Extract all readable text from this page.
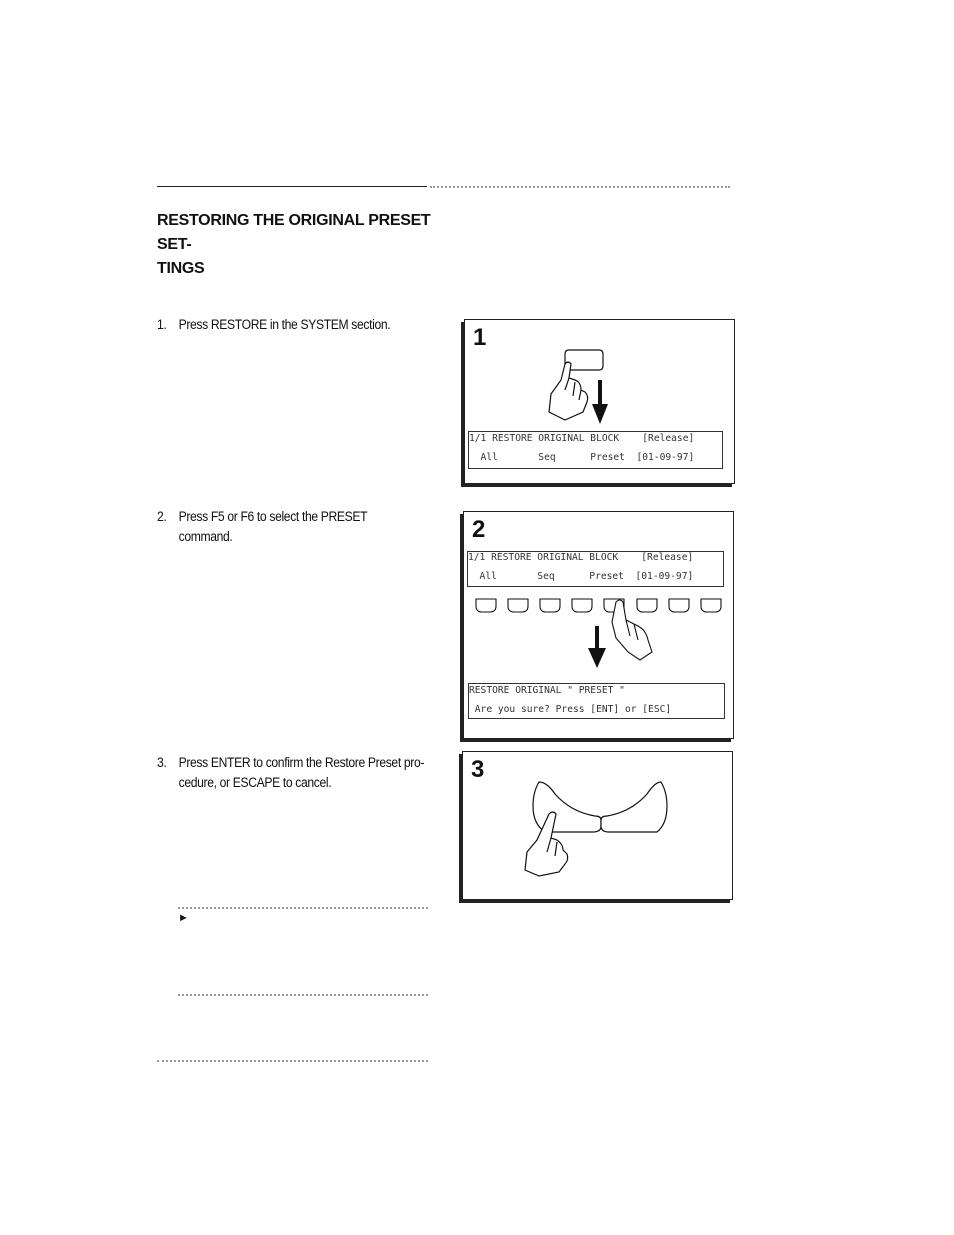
RESTORING THE ORIGINAL PRESET SET-
TINGS
1. Press RESTORE in the SYSTEM section.
2. Press F5 or F6 to select the PRESET command.
3. Press ENTER to confirm the Restore Preset pro-cedure, or ESCAPE to cancel.
1
1/1 RESTORE ORIGINAL BLOCK    [Release]
All       Seq      Preset  [01-09-97]
2
1/1 RESTORE ORIGINAL BLOCK    [Release]
All       Seq      Preset  [01-09-97]
RESTORE ORIGINAL " PRESET "
Are you sure? Press [ENT] or [ESC]
3
►
